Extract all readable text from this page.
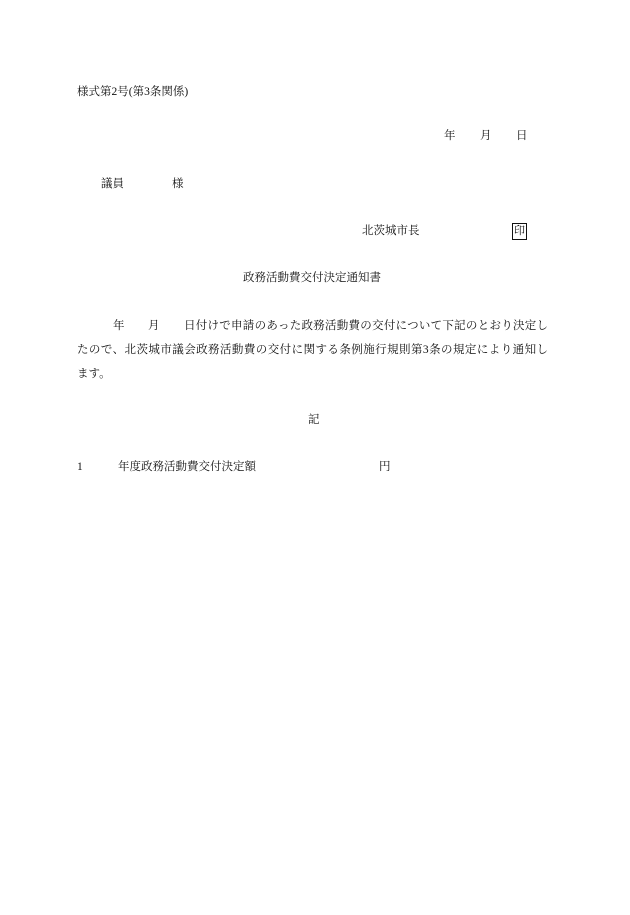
様式第2号(第3条関係)
年 月 日
議員	様
北茨城市長	印
政務活動費交付決定通知書
年 月 日付けで申請のあった政務活動費の交付について下記のとおり決定し
たので、北茨城市議会政務活動費の交付に関する条例施行規則第3条の規定により通知し
ます。
記
1	年度政務活動費交付決定額	円
